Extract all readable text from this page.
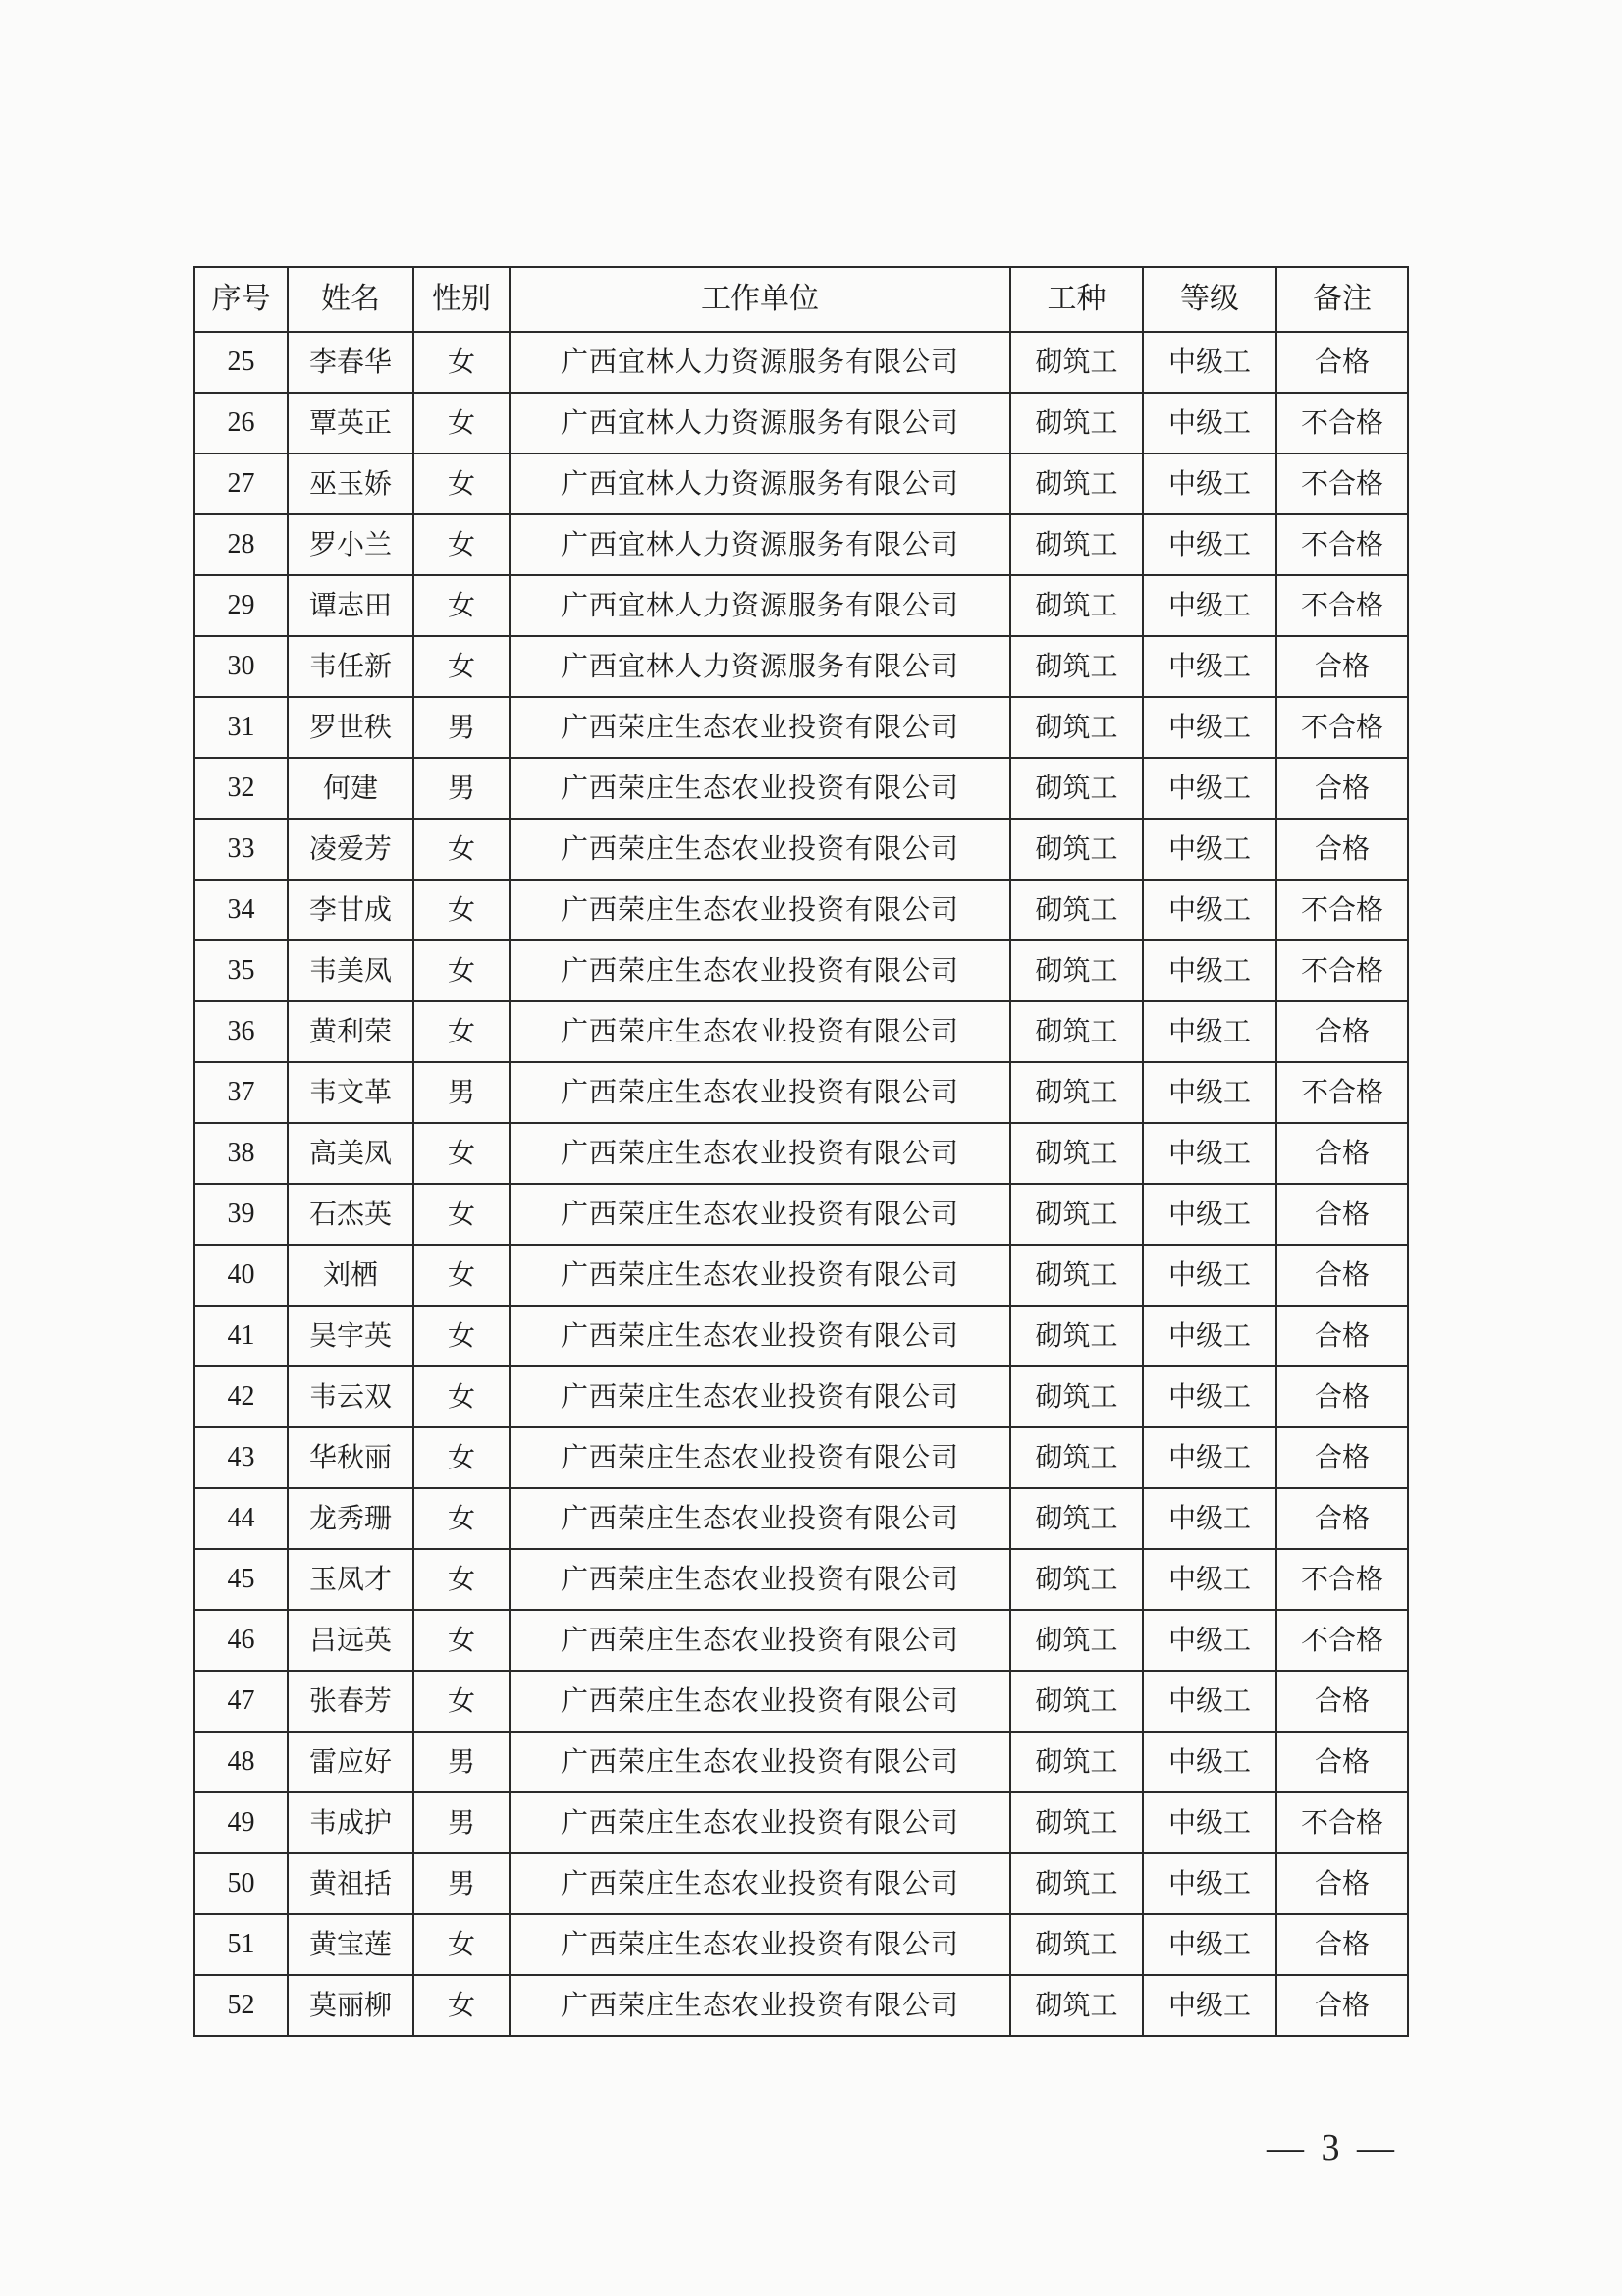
序号	姓名	性别	工作单位	工种	等级	备注
25	李春华	女	广西宜林人力资源服务有限公司	砌筑工	中级工	合格
26	覃英正	女	广西宜林人力资源服务有限公司	砌筑工	中级工	不合格
27	巫玉娇	女	广西宜林人力资源服务有限公司	砌筑工	中级工	不合格
28	罗小兰	女	广西宜林人力资源服务有限公司	砌筑工	中级工	不合格
29	谭志田	女	广西宜林人力资源服务有限公司	砌筑工	中级工	不合格
30	韦任新	女	广西宜林人力资源服务有限公司	砌筑工	中级工	合格
31	罗世秩	男	广西荣庄生态农业投资有限公司	砌筑工	中级工	不合格
32	何建	男	广西荣庄生态农业投资有限公司	砌筑工	中级工	合格
33	凌爱芳	女	广西荣庄生态农业投资有限公司	砌筑工	中级工	合格
34	李甘成	女	广西荣庄生态农业投资有限公司	砌筑工	中级工	不合格
35	韦美凤	女	广西荣庄生态农业投资有限公司	砌筑工	中级工	不合格
36	黄利荣	女	广西荣庄生态农业投资有限公司	砌筑工	中级工	合格
37	韦文革	男	广西荣庄生态农业投资有限公司	砌筑工	中级工	不合格
38	高美凤	女	广西荣庄生态农业投资有限公司	砌筑工	中级工	合格
39	石杰英	女	广西荣庄生态农业投资有限公司	砌筑工	中级工	合格
40	刘栖	女	广西荣庄生态农业投资有限公司	砌筑工	中级工	合格
41	吴宇英	女	广西荣庄生态农业投资有限公司	砌筑工	中级工	合格
42	韦云双	女	广西荣庄生态农业投资有限公司	砌筑工	中级工	合格
43	华秋丽	女	广西荣庄生态农业投资有限公司	砌筑工	中级工	合格
44	龙秀珊	女	广西荣庄生态农业投资有限公司	砌筑工	中级工	合格
45	玉凤才	女	广西荣庄生态农业投资有限公司	砌筑工	中级工	不合格
46	吕远英	女	广西荣庄生态农业投资有限公司	砌筑工	中级工	不合格
47	张春芳	女	广西荣庄生态农业投资有限公司	砌筑工	中级工	合格
48	雷应好	男	广西荣庄生态农业投资有限公司	砌筑工	中级工	合格
49	韦成护	男	广西荣庄生态农业投资有限公司	砌筑工	中级工	不合格
50	黄祖括	男	广西荣庄生态农业投资有限公司	砌筑工	中级工	合格
51	黄宝莲	女	广西荣庄生态农业投资有限公司	砌筑工	中级工	合格
52	莫丽柳	女	广西荣庄生态农业投资有限公司	砌筑工	中级工	合格
— 3 —
